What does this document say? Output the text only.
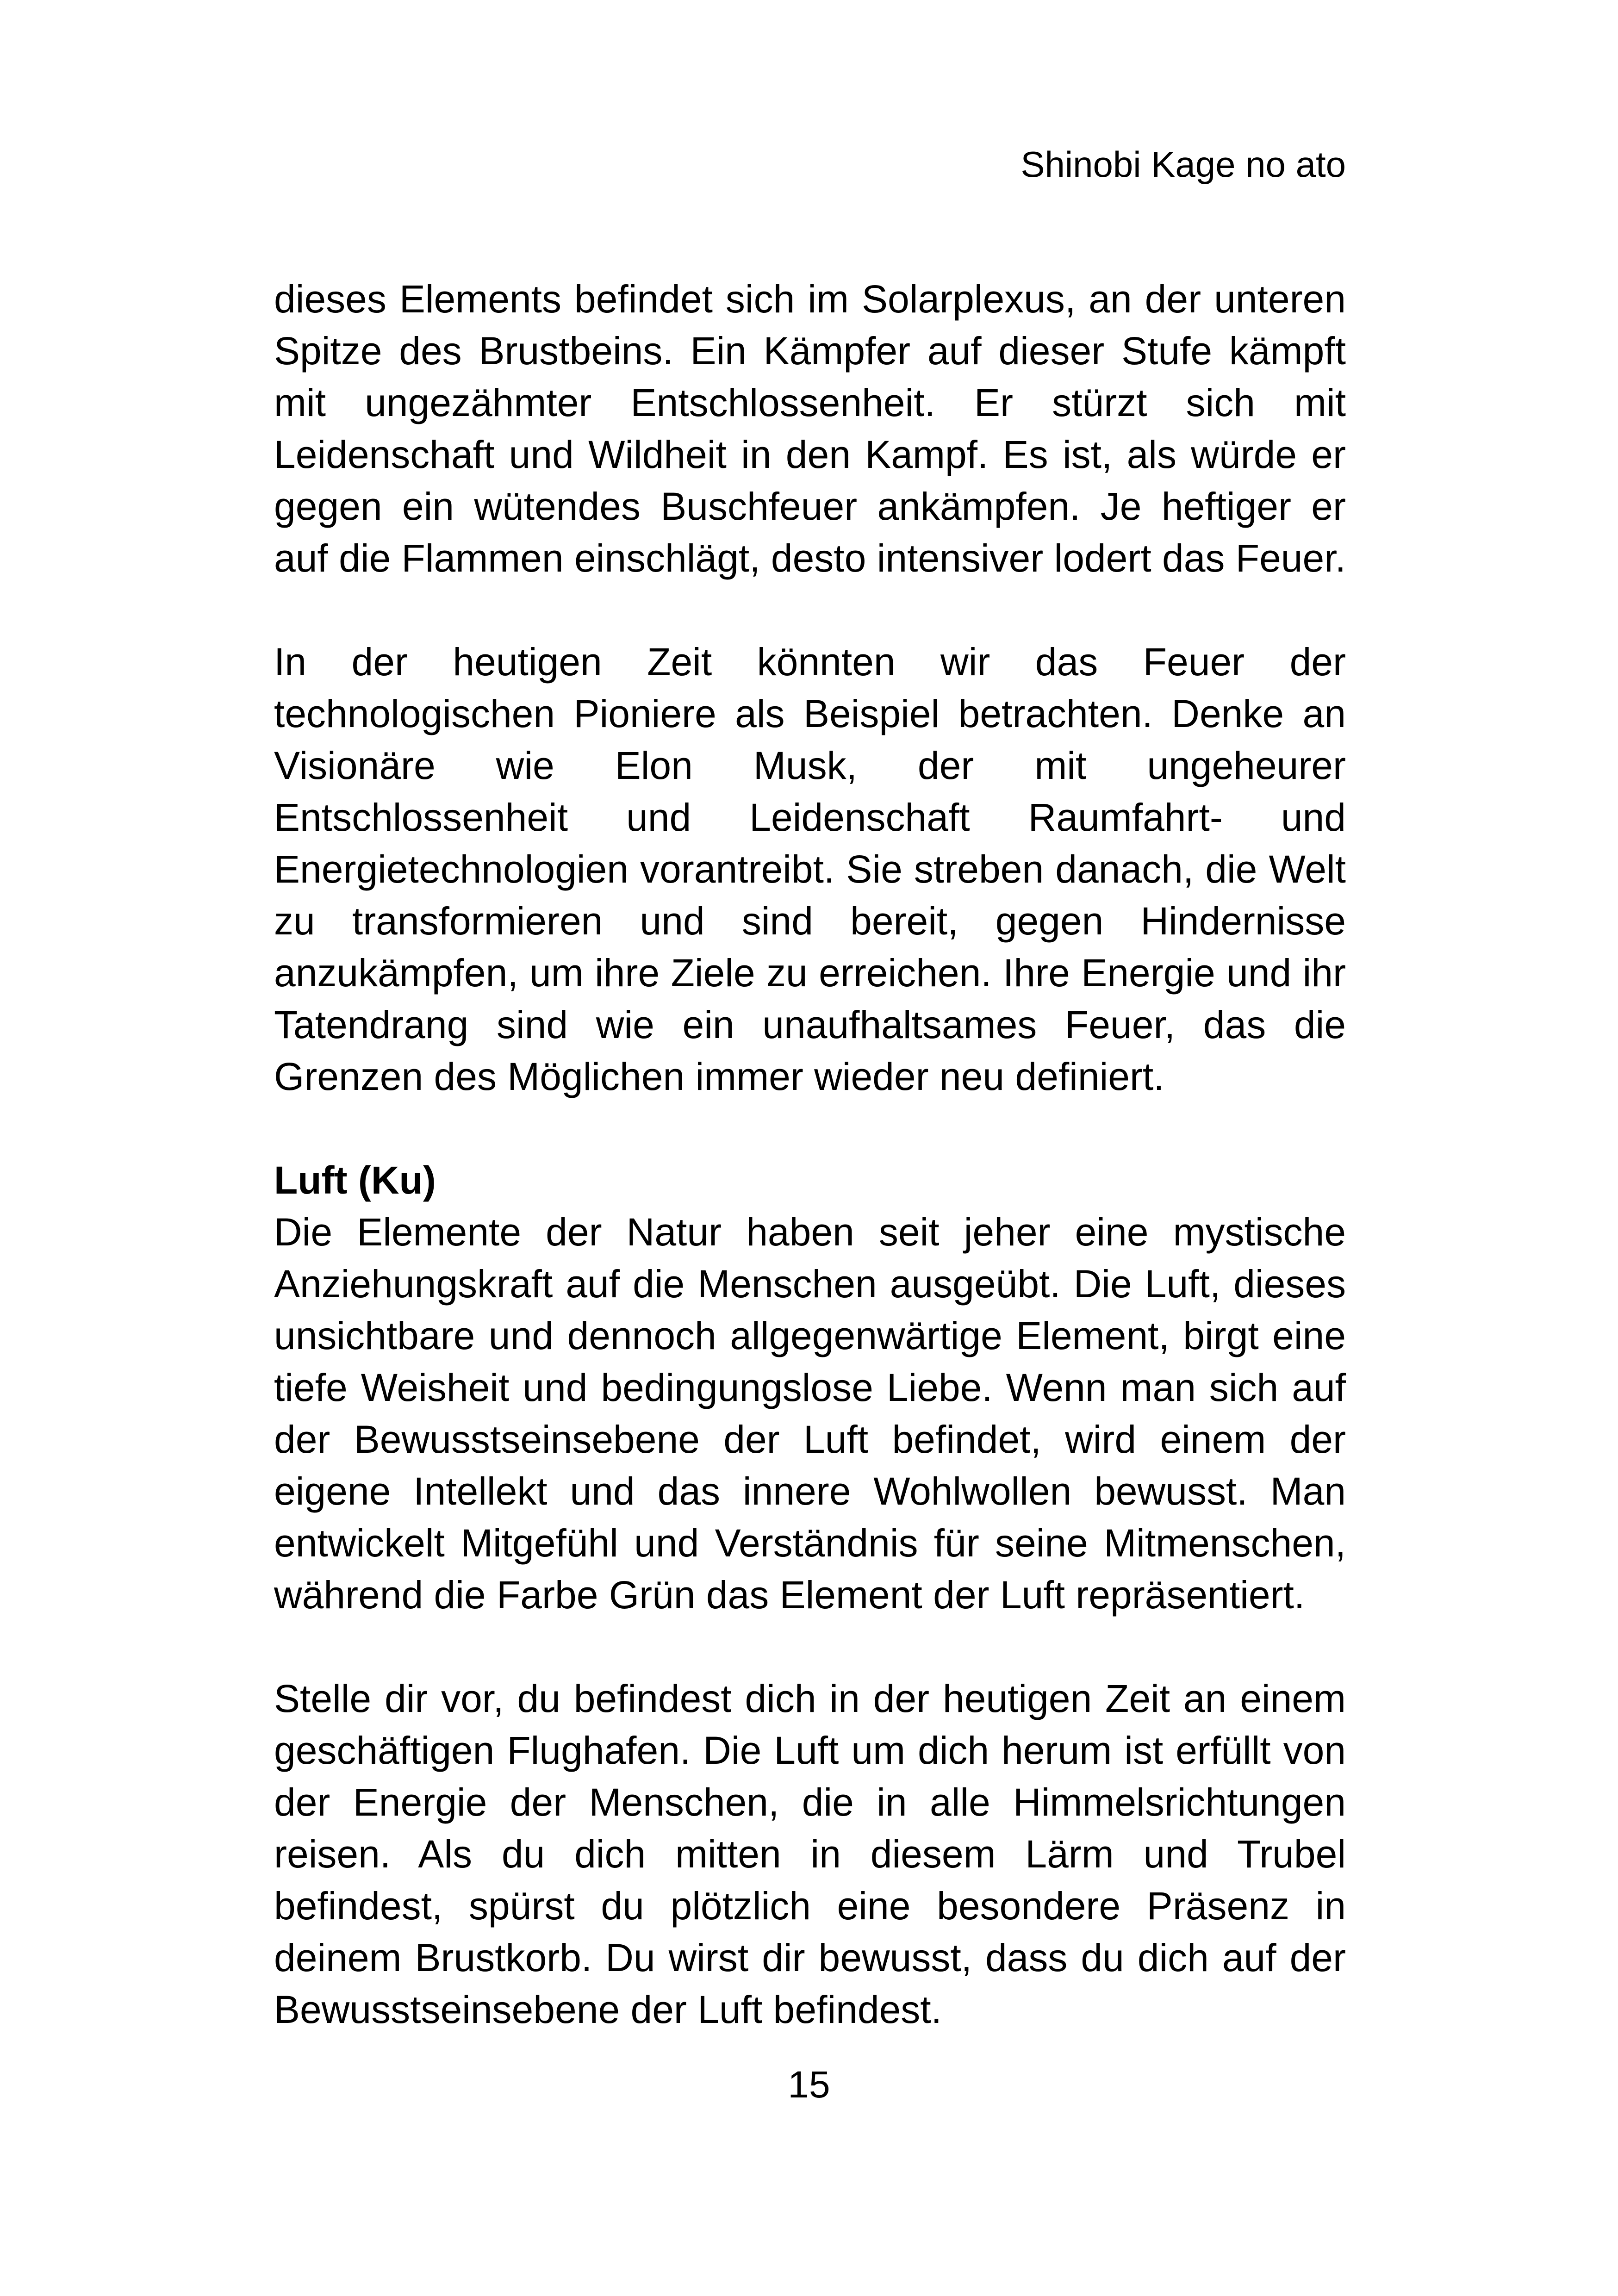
Shinobi Kage no ato

dieses Elements befindet sich im Solarplexus, an der unteren Spitze des Brustbeins. Ein Kämpfer auf dieser Stufe kämpft mit ungezähmter Entschlossenheit. Er stürzt sich mit Leidenschaft und Wildheit in den Kampf. Es ist, als würde er gegen ein wütendes Buschfeuer ankämpfen. Je heftiger er auf die Flammen einschlägt, desto intensiver lodert das Feuer.

In der heutigen Zeit könnten wir das Feuer der technologischen Pioniere als Beispiel betrachten. Denke an Visionäre wie Elon Musk, der mit ungeheurer Entschlossenheit und Leidenschaft Raumfahrt- und Energietechnologien vorantreibt. Sie streben danach, die Welt zu transformieren und sind bereit, gegen Hindernisse anzukämpfen, um ihre Ziele zu erreichen. Ihre Energie und ihr Tatendrang sind wie ein unaufhaltsames Feuer, das die Grenzen des Möglichen immer wieder neu definiert.

Luft (Ku)

Die Elemente der Natur haben seit jeher eine mystische Anziehungskraft auf die Menschen ausgeübt. Die Luft, dieses unsichtbare und dennoch allgegenwärtige Element, birgt eine tiefe Weisheit und bedingungslose Liebe. Wenn man sich auf der Bewusstseinsebene der Luft befindet, wird einem der eigene Intellekt und das innere Wohlwollen bewusst. Man entwickelt Mitgefühl und Verständnis für seine Mitmenschen, während die Farbe Grün das Element der Luft repräsentiert.

Stelle dir vor, du befindest dich in der heutigen Zeit an einem geschäftigen Flughafen. Die Luft um dich herum ist erfüllt von der Energie der Menschen, die in alle Himmelsrichtungen reisen. Als du dich mitten in diesem Lärm und Trubel befindest, spürst du plötzlich eine besondere Präsenz in deinem Brustkorb. Du wirst dir bewusst, dass du dich auf der Bewusstseinsebene der Luft befindest.

15
